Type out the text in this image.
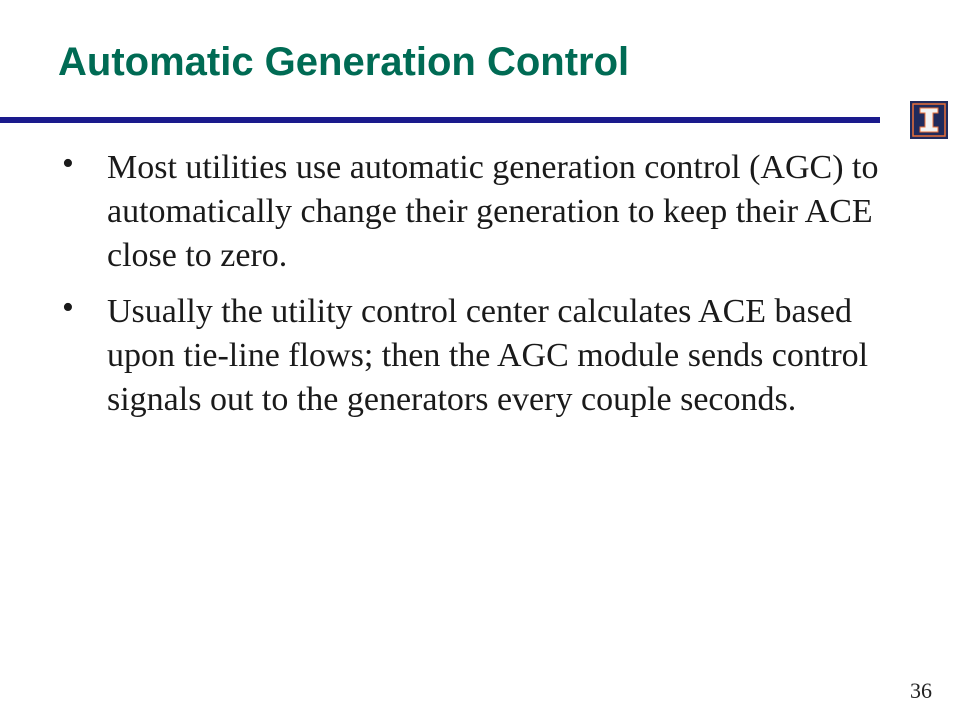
Automatic Generation Control
• Most utilities use automatic generation control (AGC) to automatically change their generation to keep their ACE close to zero.
• Usually the utility control center calculates ACE based upon tie-line flows; then the AGC module sends control signals out to the generators every couple seconds.
36
